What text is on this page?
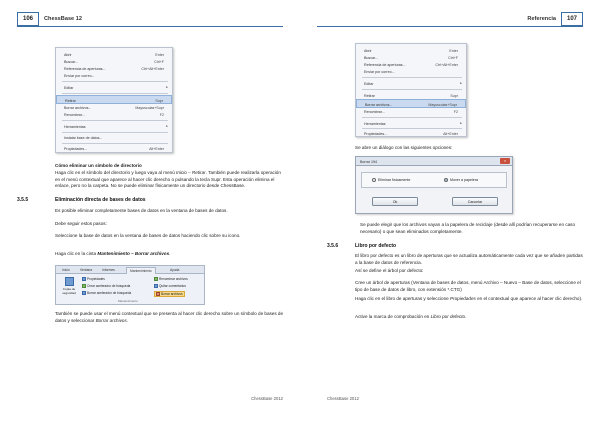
106	ChessBase 12
Abrir	Enter
Buscar...	Ctrl+F
Referencia de aperturas...	Ctrl+Alt+Enter
Enviar por correo...
Editar	▸
Retirar	Supr
Borrar archivos...	Mayusculas+Supr
Renombrar...	F2
Herramientas	▸
Instalar base de datos...
Propiedades...	Alt+Enter
Cómo eliminar un símbolo de directorio
Haga clic en el símbolo del directorio y luego vaya al menú Inicio – Retirar. También puede realizarla operación en el menú contextual que aparece al hacer clic derecho o pulsando la tecla Supr. Esta operación elimina el enlace, pero no la carpeta. No se puede eliminar físicamente un directorio desde ChessBase.
3.5.5	Eliminación directa de bases de datos
Es posible eliminar completamente bases de datos en la ventana de bases de datos.
Debe seguir estos pasos:
Seleccione la base de datos en la ventana de bases de datos haciendo clic sobre su icono.
Haga clic en la cinta Mantenimiento – Borrar archivos.
Inicio	Ventana	Informes	Mantenimiento	Ayuda
Copia de seguridad
Propiedades
Crear acelerador de búsqueda
Borrar acelerador de búsqueda
Renombrar archivos
Quitar comentarios
Borrar archivos
Mantenimiento
También se puede usar el menú contextual que se presenta al hacer clic derecho sobre un símbolo de bases de datos y seleccionar Borrar archivos.
ChessBase 2012
Referencia	107
Abrir	Enter
Buscar...	Ctrl+F
Referencia de aperturas...	Ctrl+Alt+Enter
Enviar por correo...
Editar	▸
Retirar	Supr
Borrar archivos...	Mayusculas+Supr
Renombrar...	F2
Herramientas	▸
Propiedades...	Alt+Enter
Se abre un diálogo con las siguientes opciones:
Se puede elegir que los archivos vayan a la papelera de reciclaje (desde allí podrían recuperarse en caso necesario) o que sean eliminados completamente.
3.5.6	Libro por defecto
El libro por defecto es un libro de aperturas que se actualiza automáticamente cada vez que se añaden partidas a la base de datos de referencia.
Así se define el árbol por defecto:
Cree un árbol de aperturas (Ventana de bases de datos, menú Archivo – Nuevo – Base de datos, seleccione el tipo de base de datos de libro, con extensión *.CTG)
Haga clic en el libro de aperturas y seleccione Propiedades en el contextual que aparece al hacer clic derecho).
Active la marca de comprobación en Libro por defecto.
ChessBase 2012
Borrar 194	×
Eliminar físicamente	Mover a papelera
Ok	Cancelar
